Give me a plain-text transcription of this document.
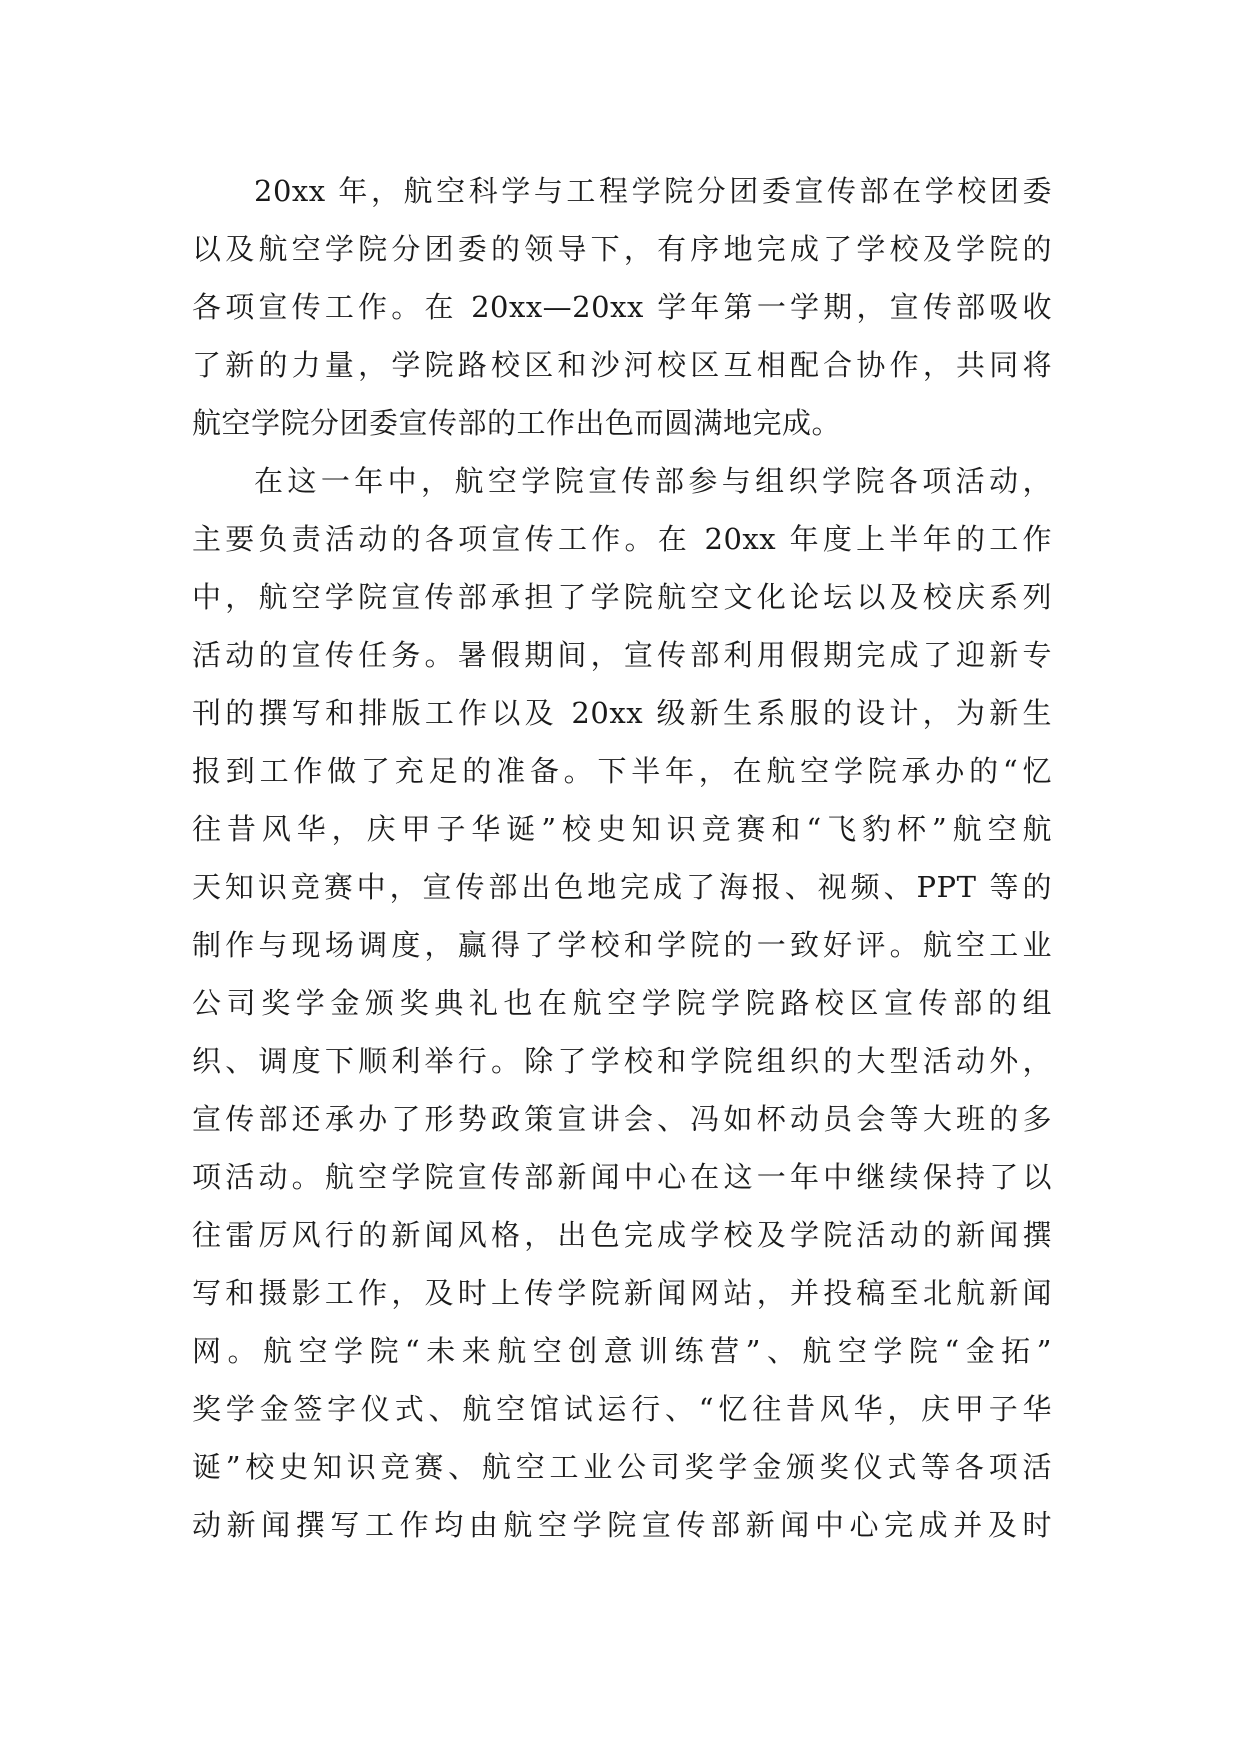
20xx 年，航空科学与工程学院分团委宣传部在学校团委
以及航空学院分团委的领导下，有序地完成了学校及学院的
各项宣传工作。在 20xx—20xx 学年第一学期，宣传部吸收
了新的力量，学院路校区和沙河校区互相配合协作，共同将
航空学院分团委宣传部的工作出色而圆满地完成。
在这一年中，航空学院宣传部参与组织学院各项活动，
主要负责活动的各项宣传工作。在 20xx 年度上半年的工作
中，航空学院宣传部承担了学院航空文化论坛以及校庆系列
活动的宣传任务。暑假期间，宣传部利用假期完成了迎新专
刊的撰写和排版工作以及 20xx 级新生系服的设计，为新生
报到工作做了充足的准备。下半年，在航空学院承办的“忆
往昔风华，庆甲子华诞”校史知识竞赛和“飞豹杯”航空航
天知识竞赛中，宣传部出色地完成了海报、视频、PPT 等的
制作与现场调度，赢得了学校和学院的一致好评。航空工业
公司奖学金颁奖典礼也在航空学院学院路校区宣传部的组
织、调度下顺利举行。除了学校和学院组织的大型活动外，
宣传部还承办了形势政策宣讲会、冯如杯动员会等大班的多
项活动。航空学院宣传部新闻中心在这一年中继续保持了以
往雷厉风行的新闻风格，出色完成学校及学院活动的新闻撰
写和摄影工作，及时上传学院新闻网站，并投稿至北航新闻
网。航空学院“未来航空创意训练营”、航空学院“金拓”
奖学金签字仪式、航空馆试运行、“忆往昔风华，庆甲子华
诞”校史知识竞赛、航空工业公司奖学金颁奖仪式等各项活
动新闻撰写工作均由航空学院宣传部新闻中心完成并及时
